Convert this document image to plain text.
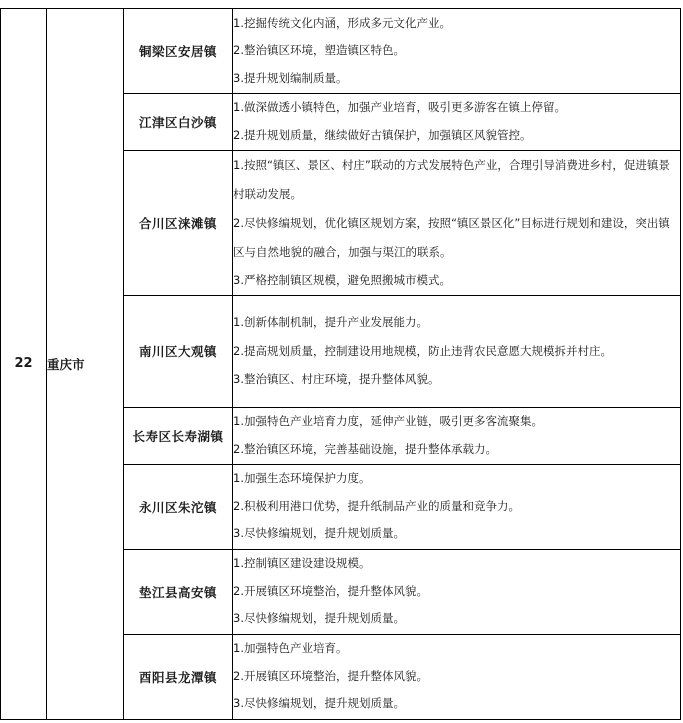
22	重庆市	铜梁区安居镇	1.挖掘传统文化内涵，形成多元文化产业。

2.整治镇区环境，塑造镇区特色。

3.提升规划编制质量。

		江津区白沙镇	1.做深做透小镇特色，加强产业培育，吸引更多游客在镇上停留。

2.提升规划质量，继续做好古镇保护，加强镇区风貌管控。

		合川区涞滩镇	1.按照“镇区、景区、村庄”联动的方式发展特色产业，合理引导消费进乡村，促进镇景村联动发展。

2.尽快修编规划，优化镇区规划方案，按照“镇区景区化”目标进行规划和建设，突出镇区与自然地貌的融合，加强与渠江的联系。

3.严格控制镇区规模，避免照搬城市模式。

		南川区大观镇	1.创新体制机制，提升产业发展能力。

2.提高规划质量，控制建设用地规模，防止违背农民意愿大规模拆并村庄。

3.整治镇区、村庄环境，提升整体风貌。

		长寿区长寿湖镇	1.加强特色产业培育力度，延伸产业链，吸引更多客流聚集。

2.整治镇区环境，完善基础设施，提升整体承载力。

		永川区朱沱镇	1.加强生态环境保护力度。

2.积极利用港口优势，提升纸制品产业的质量和竞争力。

3.尽快修编规划，提升规划质量。

		垫江县高安镇	1.控制镇区建设建设规模。

2.开展镇区环境整治，提升整体风貌。

3.尽快修编规划，提升规划质量。

		酉阳县龙潭镇	1.加强特色产业培育。

2.开展镇区环境整治，提升整体风貌。

3.尽快修编规划，提升规划质量。
